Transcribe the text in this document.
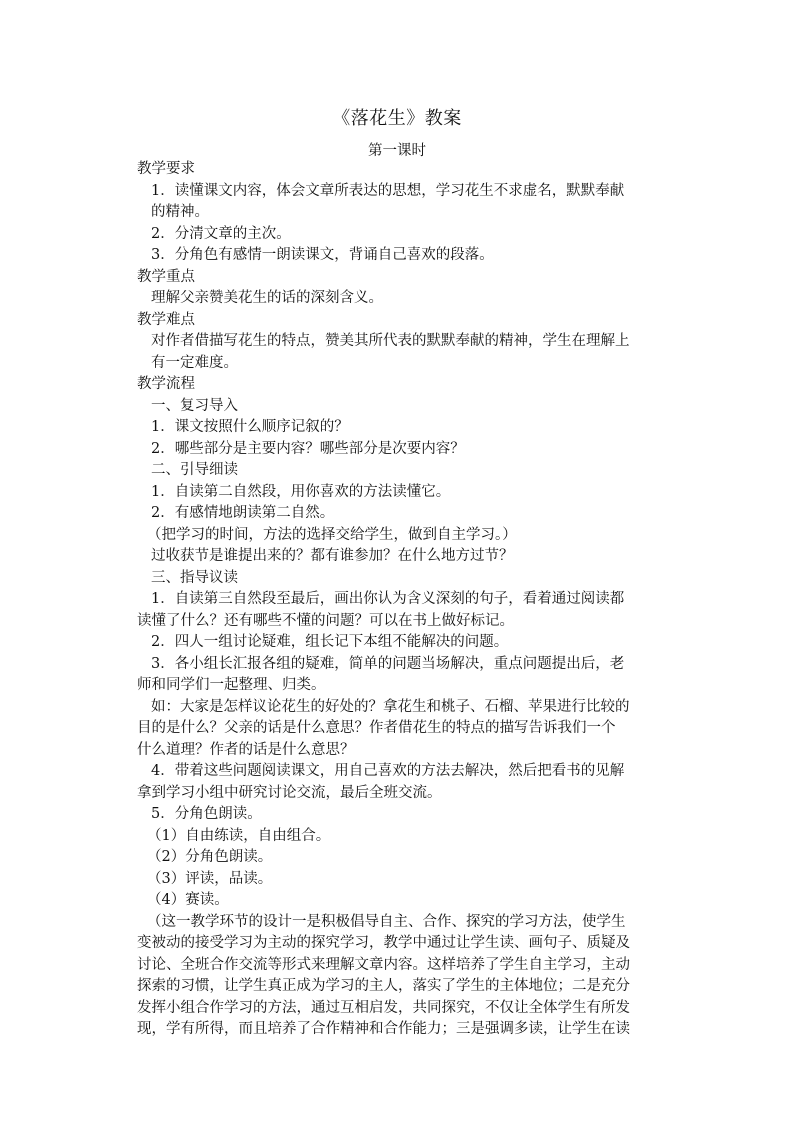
《落花生》教案
第一课时
教学要求
1．读懂课文内容，体会文章所表达的思想，学习花生不求虚名，默默奉献
的精神。
2．分清文章的主次。
3．分角色有感情一朗读课文，背诵自己喜欢的段落。
教学重点
理解父亲赞美花生的话的深刻含义。
教学难点
对作者借描写花生的特点，赞美其所代表的默默奉献的精神，学生在理解上
有一定难度。
教学流程
一、复习导入
1．课文按照什么顺序记叙的？
2．哪些部分是主要内容？哪些部分是次要内容？
二、引导细读
1．自读第二自然段，用你喜欢的方法读懂它。
2．有感情地朗读第二自然。
（把学习的时间，方法的选择交给学生，做到自主学习。）
过收获节是谁提出来的？都有谁参加？在什么地方过节？
三、指导议读
1．自读第三自然段至最后，画出你认为含义深刻的句子，看着通过阅读都
读懂了什么？还有哪些不懂的问题？可以在书上做好标记。
2．四人一组讨论疑难，组长记下本组不能解决的问题。
3．各小组长汇报各组的疑难，简单的问题当场解决，重点问题提出后，老
师和同学们一起整理、归类。
如：大家是怎样议论花生的好处的？拿花生和桃子、石榴、苹果进行比较的
目的是什么？父亲的话是什么意思？作者借花生的特点的描写告诉我们一个
什么道理？作者的话是什么意思？
4．带着这些问题阅读课文，用自己喜欢的方法去解决，然后把看书的见解
拿到学习小组中研究讨论交流，最后全班交流。
5．分角色朗读。
（1）自由练读，自由组合。
（2）分角色朗读。
（3）评读，品读。
（4）赛读。
（这一教学环节的设计一是积极倡导自主、合作、探究的学习方法，使学生
变被动的接受学习为主动的探究学习，教学中通过让学生读、画句子、质疑及
讨论、全班合作交流等形式来理解文章内容。这样培养了学生自主学习，主动
探索的习惯，让学生真正成为学习的主人，落实了学生的主体地位；二是充分
发挥小组合作学习的方法，通过互相启发，共同探究，不仅让全体学生有所发
现，学有所得，而且培养了合作精神和合作能力；三是强调多读，让学生在读
